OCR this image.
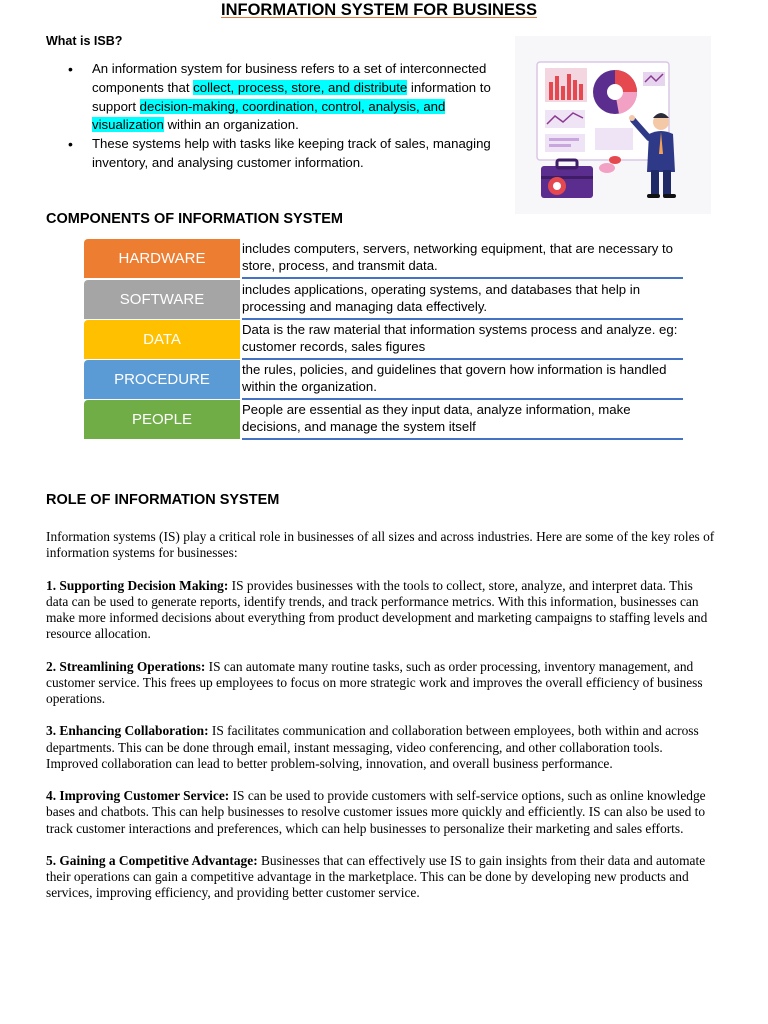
INFORMATION SYSTEM FOR BUSINESS
What is ISB?
• An information system for business refers to a set of interconnected components that collect, process, store, and distribute information to support decision-making, coordination, control, analysis, and visualization within an organization.
• These systems help with tasks like keeping track of sales, managing inventory, and analysing customer information.
COMPONENTS OF INFORMATION SYSTEM
HARDWARE
includes computers, servers, networking equipment, that are necessary to store, process, and transmit data.
SOFTWARE
includes applications, operating systems, and databases that help in processing and managing data effectively.
DATA
Data is the raw material that information systems process and analyze. eg: customer records, sales figures
PROCEDURE
the rules, policies, and guidelines that govern how information is handled within the organization.
PEOPLE
People are essential as they input data, analyze information, make decisions, and manage the system itself
ROLE OF INFORMATION SYSTEM

Information systems (IS) play a critical role in businesses of all sizes and across industries. Here are some of the key roles of information systems for businesses:

1. Supporting Decision Making: IS provides businesses with the tools to collect, store, analyze, and interpret data. This data can be used to generate reports, identify trends, and track performance metrics. With this information, businesses can make more informed decisions about everything from product development and marketing campaigns to staffing levels and resource allocation.

2. Streamlining Operations: IS can automate many routine tasks, such as order processing, inventory management, and customer service. This frees up employees to focus on more strategic work and improves the overall efficiency of business operations.

3. Enhancing Collaboration: IS facilitates communication and collaboration between employees, both within and across departments. This can be done through email, instant messaging, video conferencing, and other collaboration tools. Improved collaboration can lead to better problem-solving, innovation, and overall business performance.

4. Improving Customer Service: IS can be used to provide customers with self-service options, such as online knowledge bases and chatbots. This can help businesses to resolve customer issues more quickly and efficiently. IS can also be used to track customer interactions and preferences, which can help businesses to personalize their marketing and sales efforts.

5. Gaining a Competitive Advantage: Businesses that can effectively use IS to gain insights from their data and automate their operations can gain a competitive advantage in the marketplace. This can be done by developing new products and services, improving efficiency, and providing better customer service.
